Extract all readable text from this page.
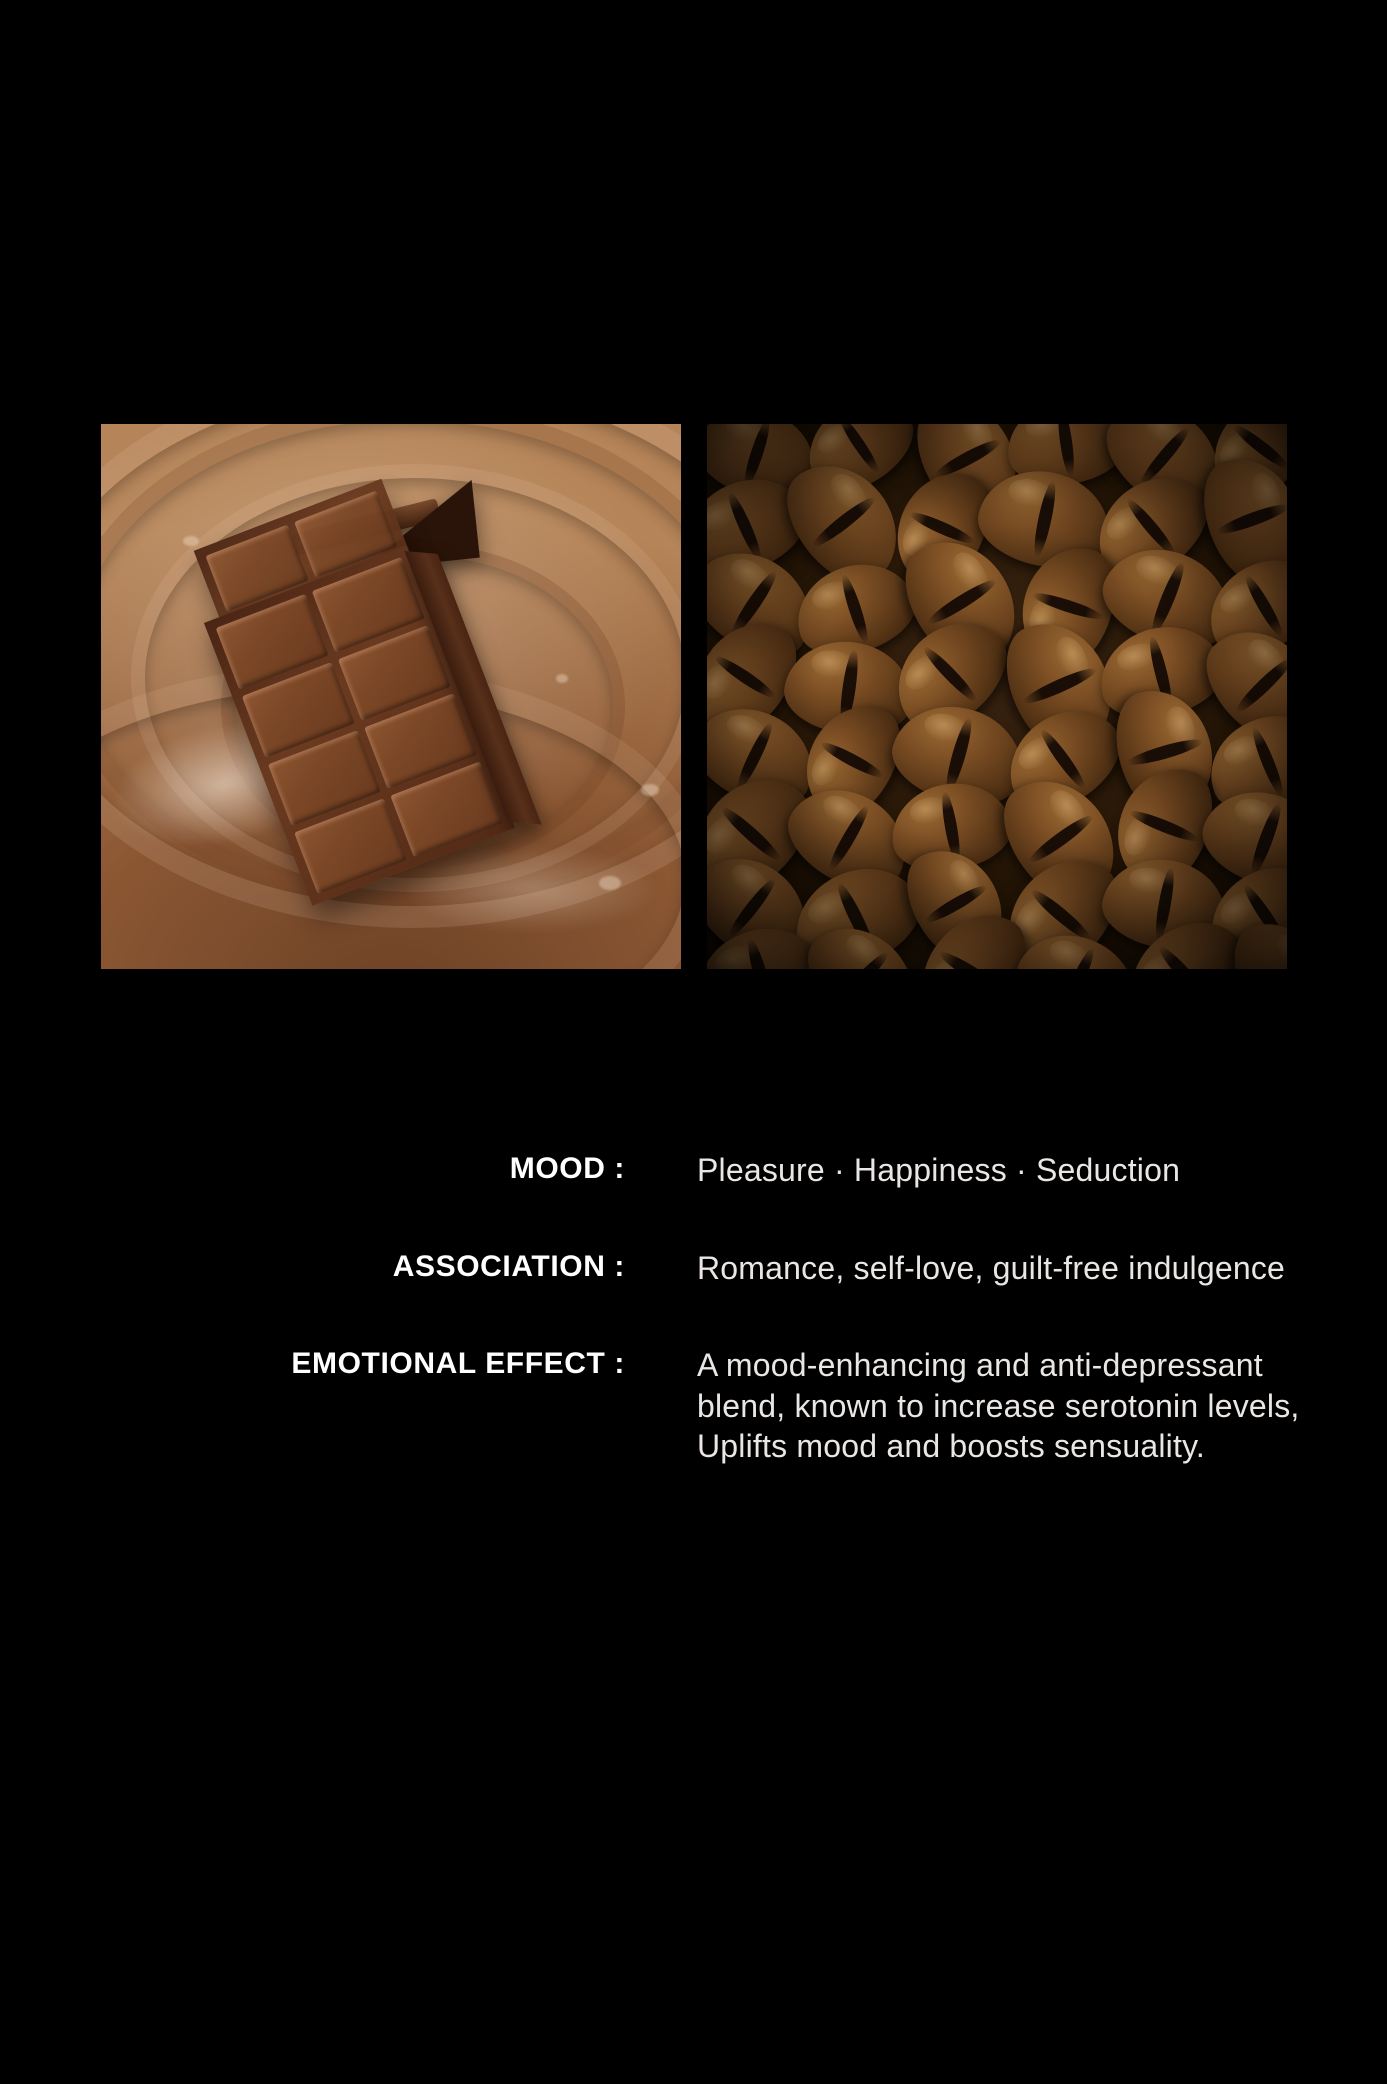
MOOD : Pleasure · Happiness · Seduction
ASSOCIATION : Romance, self-love, guilt-free indulgence
EMOTIONAL EFFECT : A mood-enhancing and anti-depressant blend, known to increase serotonin levels, Uplifts mood and boosts sensuality.
